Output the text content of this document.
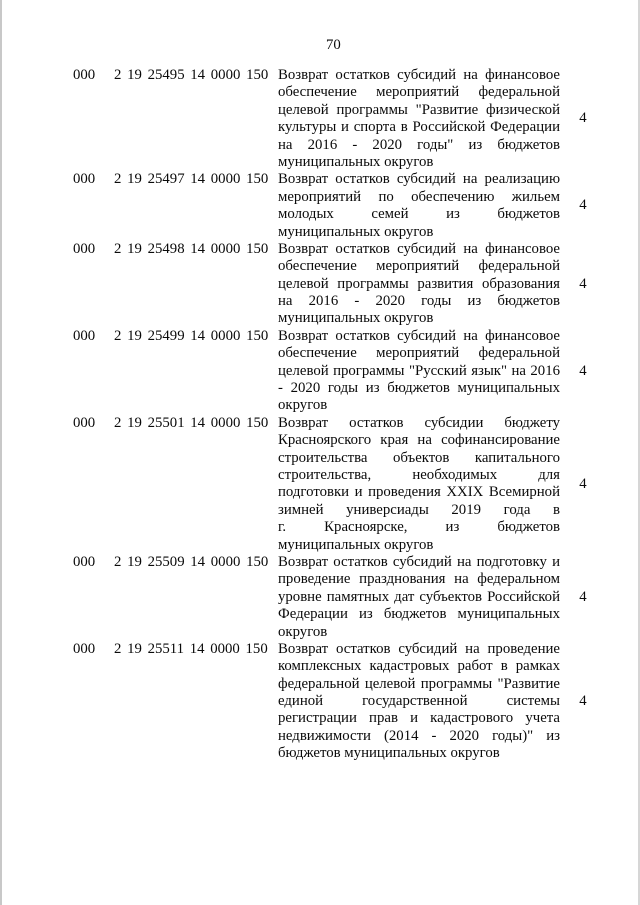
70
000 2 19 25495 14 0000 150 Возврат остатков субсидий на финансовое
обеспечение мероприятий федеральной
целевой программы "Развитие физической
культуры и спорта в Российской Федерации
на 2016 - 2020 годы" из бюджетов
муниципальных округов
4
000 2 19 25497 14 0000 150 Возврат остатков субсидий на реализацию
мероприятий по обеспечению жильем
молодых семей из бюджетов
муниципальных округов
4
000 2 19 25498 14 0000 150 Возврат остатков субсидий на финансовое
обеспечение мероприятий федеральной
целевой программы развития образования
на 2016 - 2020 годы из бюджетов
муниципальных округов
4
000 2 19 25499 14 0000 150 Возврат остатков субсидий на финансовое
обеспечение мероприятий федеральной
целевой программы "Русский язык" на 2016
- 2020 годы из бюджетов муниципальных
округов
4
000 2 19 25501 14 0000 150 Возврат остатков субсидии бюджету
Красноярского края на софинансирование
строительства объектов капитального
строительства, необходимых для
подготовки и проведения XXIX Всемирной
зимней универсиады 2019 года в
г. Красноярске, из бюджетов
муниципальных округов
4
000 2 19 25509 14 0000 150 Возврат остатков субсидий на подготовку и
проведение празднования на федеральном
уровне памятных дат субъектов Российской
Федерации из бюджетов муниципальных
округов
4
000 2 19 25511 14 0000 150 Возврат остатков субсидий на проведение
комплексных кадастровых работ в рамках
федеральной целевой программы "Развитие
единой государственной системы
регистрации прав и кадастрового учета
недвижимости (2014 - 2020 годы)" из
бюджетов муниципальных округов
4
